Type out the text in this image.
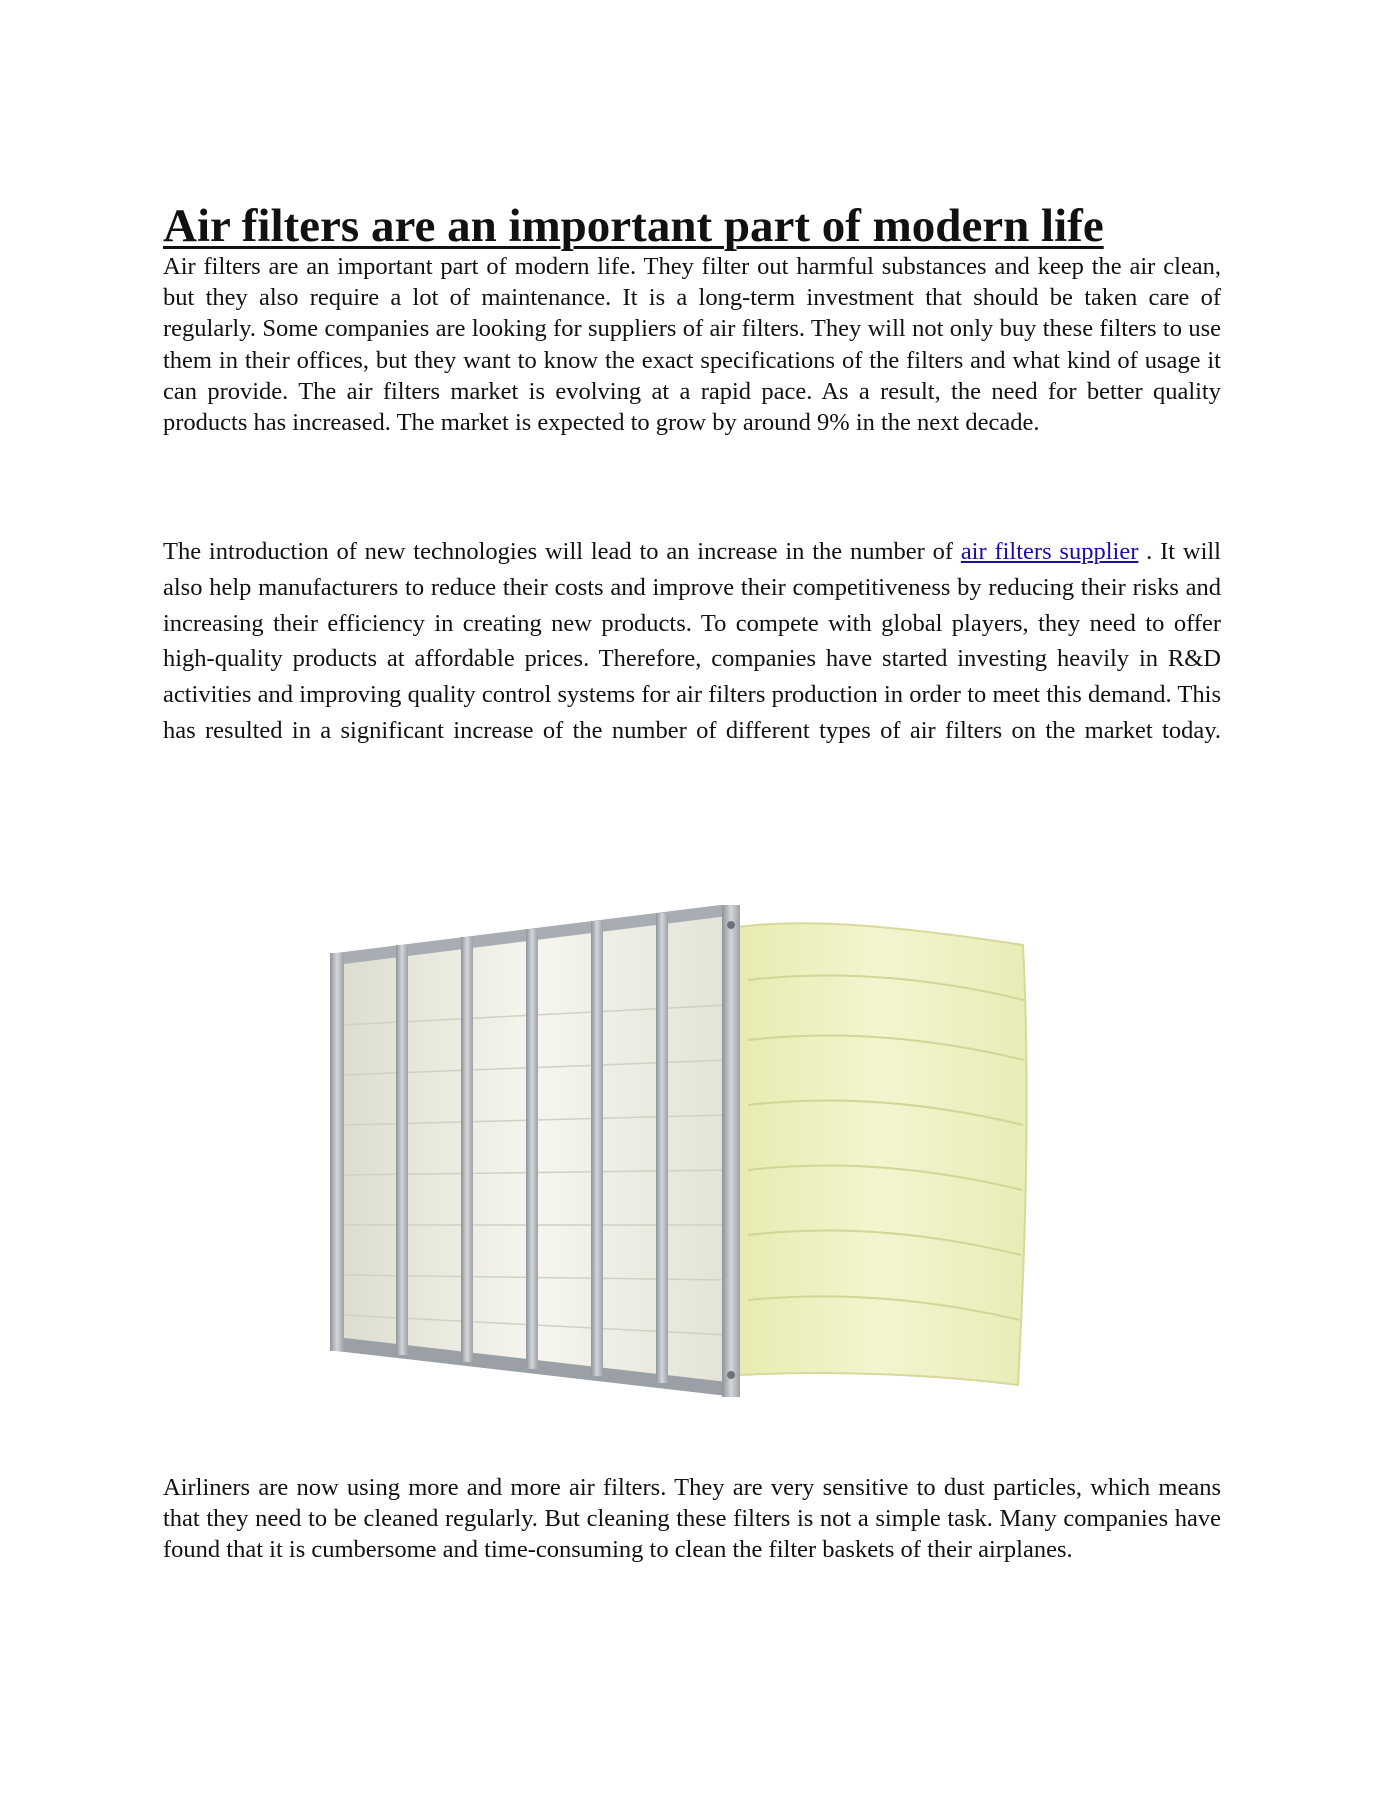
Air filters are an important part of modern life

Air filters are an important part of modern life. They filter out harmful substances and keep the air clean, but they also require a lot of maintenance. It is a long-term investment that should be taken care of regularly. Some companies are looking for suppliers of air filters. They will not only buy these filters to use them in their offices, but they want to know the exact specifications of the filters and what kind of usage it can provide. The air filters market is evolving at a rapid pace. As a result, the need for better quality products has increased. The market is expected to grow by around 9% in the next decade.

The introduction of new technologies will lead to an increase in the number of air filters supplier . It will also help manufacturers to reduce their costs and improve their competitiveness by reducing their risks and increasing their efficiency in creating new products. To compete with global players, they need to offer high-quality products at affordable prices. Therefore, companies have started investing heavily in R&D activities and improving quality control systems for air filters production in order to meet this demand. This has resulted in a significant increase of the number of different types of air filters on the market today.

Airliners are now using more and more air filters. They are very sensitive to dust particles, which means that they need to be cleaned regularly. But cleaning these filters is not a simple task. Many companies have found that it is cumbersome and time-consuming to clean the filter baskets of their airplanes.
